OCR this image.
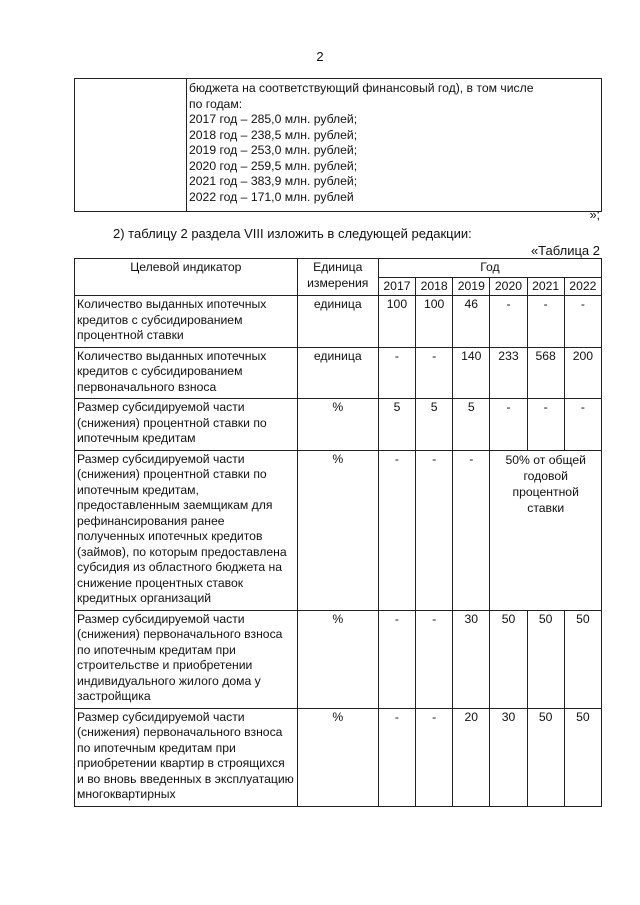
2

бюджета на соответствующий финансовый год), в том числе
по годам:
2017 год – 285,0 млн. рублей;
2018 год – 238,5 млн. рублей;
2019 год – 253,0 млн. рублей;
2020 год – 259,5 млн. рублей;
2021 год – 383,9 млн. рублей;
2022 год – 171,0 млн. рублей
»;
2) таблицу 2 раздела VIII изложить в следующей редакции:
«Таблица 2
Целевой индикатор	Единица измерения	Год					
		2017	2018	2019	2020	2021	2022
Количество выданных ипотечных кредитов с субсидированием процентной ставки	единица	100	100	46	-	-	-
Количество выданных ипотечных кредитов с субсидированием первоначального взноса	единица	-	-	140	233	568	200
Размер субсидируемой части (снижения) процентной ставки по ипотечным кредитам	%	5	5	5	-	-	-
Размер субсидируемой части (снижения) процентной ставки по ипотечным кредитам, предоставленным заемщикам для рефинансирования ранее полученных ипотечных кредитов (займов), по которым предоставлена субсидия из областного бюджета на снижение процентных ставок кредитных организаций	%	-	-	-	50% от общей годовой процентной ставки		
Размер субсидируемой части (снижения) первоначального взноса по ипотечным кредитам при строительстве и приобретении индивидуального жилого дома у застройщика	%	-	-	30	50	50	50
Размер субсидируемой части (снижения) первоначального взноса по ипотечным кредитам при приобретении квартир в строящихся и во вновь введенных в эксплуатацию многоквартирных	%	-	-	20	30	50	50
